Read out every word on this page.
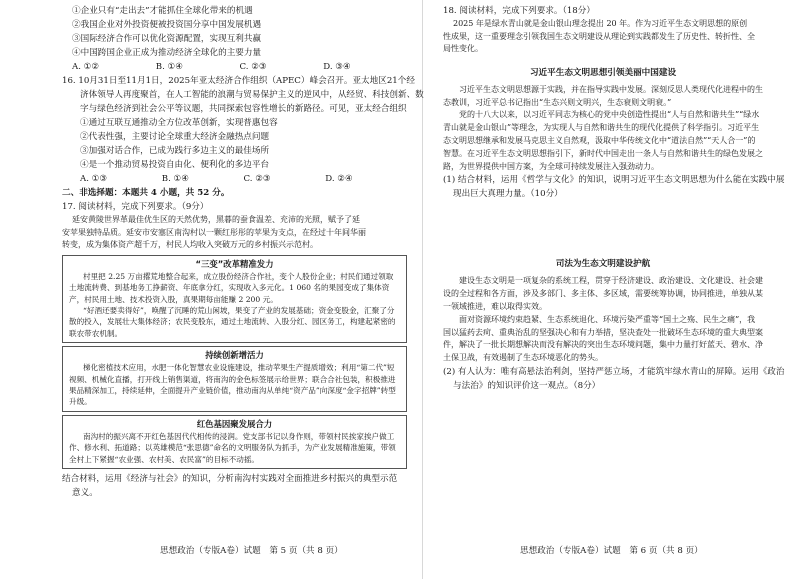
①企业只有“走出去”才能抓住全球化带来的机遇
②我国企业对外投资便被投资国分享中国发展机遇
③国际经济合作可以优化资源配置，实现互利共赢
④中国跨国企业正成为推动经济全球化的主要力量
A. ①②	B. ①④	C. ②③	D. ③④
16. 10月31日至11月1日，2025年亚太经济合作组织（APEC）峰会召开。亚太地区21个经
济体领导人再度聚首，在人工智能的浪潮与贸易保护主义的逆风中，从经贸、科技创新、数
字与绿色经济到社会公平等议题，共同探索包容性增长的新路径。可见，亚太经合组织
①通过互联互通推动全方位改革创新，实现普惠包容
②代表性强，主要讨论全球重大经济金融热点问题
③加强对话合作，已成为践行多边主义的最佳场所
④是一个推动贸易投资自由化、便利化的多边平台
A. ①③	B. ①④	C. ②③	D. ②④
二、非选择题：本题共 4 小题，共 52 分。
17. 阅读材料，完成下列要求。（9分）
延安黄陵世界革最佳优生区的天然优势，黑暮的蚕食温差、充沛的光照，赋予了延
安苹果独特品质。延安市安塞区南沟村以一颗红彤彤的苹果为支点，在经过十年间华丽
转变，成为集体资产超千万，村民人均收入突破万元的乡村振兴示范村。
“三变”改革精准发力

村里把 2.25 万亩撂荒地整合起来，成立股份经济合作社，变个人股份企业；村民们通过领取土地流转费、到基地务工挣薪资、年底拿分红，实现收入多元化。1 060 名的果园变成了集体资产，村民用土地、技术投资入股，真果期每亩能赚 2 200 元。

“好酒还要卖得好”，唤醒了沉睡的荒山闲坡，果变了产业的发展基础；资金变股金，汇聚了分散的投入，发展壮大集体经济；农民变股东，通过土地流转、入股分红、园区务工，构建起紧密的联农带农机制。

持续创新增活力

梯化密植技术应用，水肥一体化智慧农业设施建设，推动苹果生产提质增效；利用“第二代”短视频、机械化直播，打开线上销售渠道，将南沟的金色标签展示给世界；联合合社包装，积极推进果品精深加工，持续延伸，全面提升产业链价值，推动南沟从单纯“资产品”向深度“金字招牌”转型升级。

红色基因聚发展合力

南沟村的振兴离不开红色基因代代相传的浸润。党支部书记以身作则，带领村民挨家挨户做工作、修水利、拓道路；以英雄模范“张思德”命名的文明服务队为抓手，为产业发展精准施策，带领全村上下紧握“农业强、农村美、农民富”的目标不动摇。

结合材料，运用《经济与社会》的知识，分析南沟村实践对全面推进乡村振兴的典型示范
意义。
思想政治（专版A卷）试题　第 5 页（共 8 页）
18. 阅读材料，完成下列要求。（18分）
2025 年是绿水青山就是金山银山理念提出 20 年。作为习近平生态文明思想的原创
性成果，这一重要理念引领我国生态文明建设从理论到实践都发生了历史性、转折性、全
局性变化。
习近平生态文明思想引领美丽中国建设

习近平生态文明思想源于实践，并在指导实践中发展。深刻反思人类现代化进程中的生态教训，习近平总书记指出“生态兴则文明兴，生态衰则文明衰。”

党的十八大以来，以习近平同志为核心的党中央创造性提出“人与自然和谐共生”“绿水青山就是金山银山”等理念，为实现人与自然和谐共生的现代化提供了科学指引。习近平生态文明思想继承和发展马克思主义自然观，汲取中华传统文化中“道法自然”“天人合一”的智慧。在习近平生态文明思想指引下，新时代中国走出一条人与自然和谐共生的绿色发展之路，为世界提供中国方案，为全球可持续发展注入强劲动力。

(1) 结合材料，运用《哲学与文化》的知识，说明习近平生态文明思想为什么能在实践中展
现出巨大真理力量。（10分）
司法为生态文明建设护航

建设生态文明是一项复杂的系统工程，贯穿于经济建设、政治建设、文化建设、社会建设的全过程和各方面，涉及多部门、多主体、多区域，需要统筹协调，协同推进，单独从某一领域推进，难以取得实效。

面对资源环境约束趋紧、生态系统退化、环境污染严重等“国土之殇、民生之痛”，我国以猛药去疴、重典治乱的坚强决心和有力举措，坚决查处一批破坏生态环境的重大典型案件，解决了一批长期想解决而没有解决的突出生态环境问题，集中力量打好蓝天、碧水、净土保卫战，有效遏制了生态环境恶化的势头。

(2) 有人认为：唯有高悬法治利剑，坚持严惩立场，才能筑牢绿水青山的屏障。运用《政治
与法治》的知识评价这一观点。（8分）
思想政治（专版A卷）试题　第 6 页（共 8 页）
